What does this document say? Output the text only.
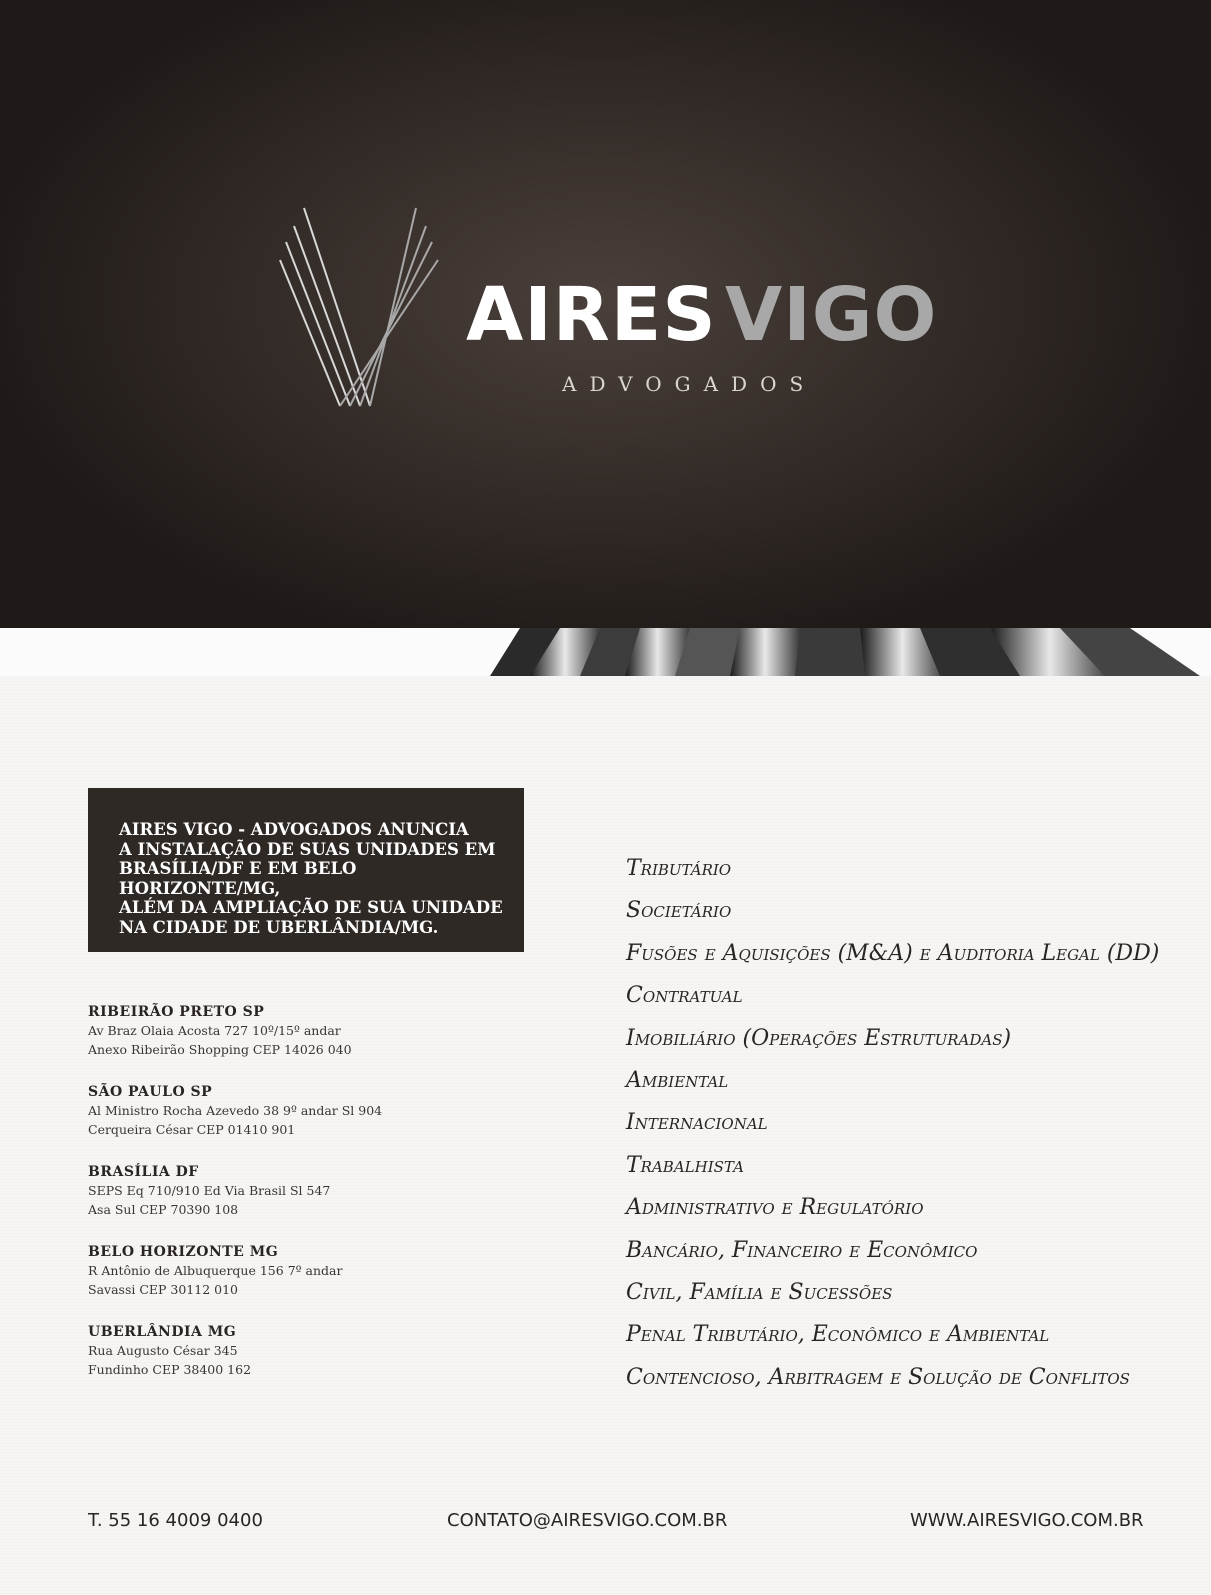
AIRES VIGO
ADVOGADOS

AIRES VIGO - ADVOGADOS ANUNCIA
A INSTALAÇÃO DE SUAS UNIDADES EM
BRASÍLIA/DF E EM BELO HORIZONTE/MG,
ALÉM DA AMPLIAÇÃO DE SUA UNIDADE
NA CIDADE DE UBERLÂNDIA/MG.

RIBEIRÃO PRETO SP
Av Braz Olaia Acosta 727 10º/15º andar
Anexo Ribeirão Shopping CEP 14026 040
SÃO PAULO SP
Al Ministro Rocha Azevedo 38 9º andar Sl 904
Cerqueira César CEP 01410 901
BRASÍLIA DF
SEPS Eq 710/910 Ed Via Brasil Sl 547
Asa Sul CEP 70390 108
BELO HORIZONTE MG
R Antônio de Albuquerque 156 7º andar
Savassi CEP 30112 010
UBERLÂNDIA MG
Rua Augusto César 345
Fundinho CEP 38400 162
Tributário
Societário
Fusões e Aquisições (M&A) e Auditoria Legal (DD)
Contratual
Imobiliário (Operações Estruturadas)
Ambiental
Internacional
Trabalhista
Administrativo e Regulatório
Bancário, Financeiro e Econômico
Civil, Família e Sucessões
Penal Tributário, Econômico e Ambiental
Contencioso, Arbitragem e Solução de Conflitos
T. 55 16 4009 0400	CONTATO@AIRESVIGO.COM.BR	WWW.AIRESVIGO.COM.BR
